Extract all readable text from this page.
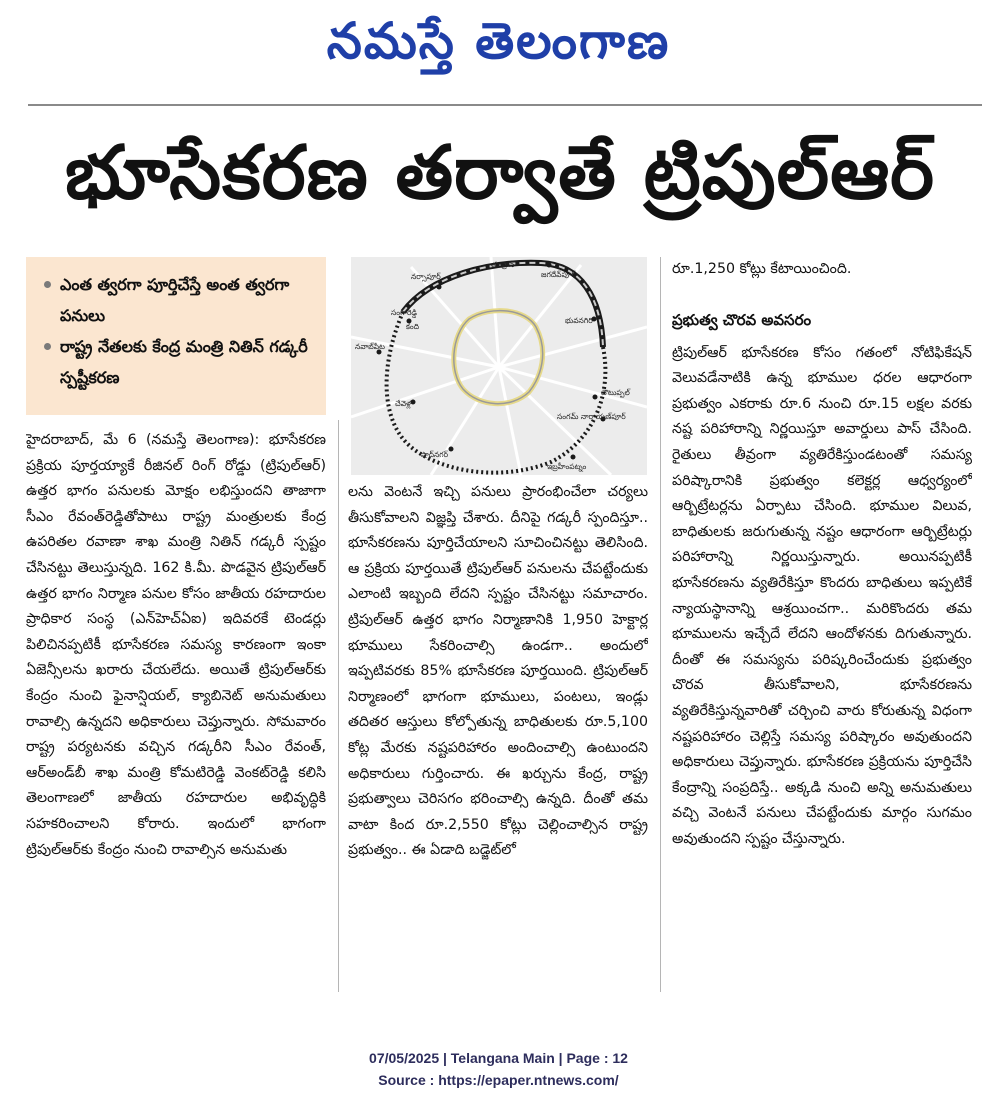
నమస్తే తెలంగాణ
భూసేకరణ తర్వాతే ట్రిపుల్‌ఆర్
ఎంత త్వరగా పూర్తిచేస్తే అంత త్వరగా పనులు
రాష్ట్ర నేతలకు కేంద్ర మంత్రి నితిన్ గడ్కరీ స్పష్టీకరణ
నర్సాపూర్
తూప్రాన్
జగదేవ్‌పూర్
సంగారెడ్డి
కంది
భువనగిరి
నవాబ్‌పేట
చేవెళ్ల
చౌటుప్పల్
సంగమ్ నారాయణ్‌పూర్
షాద్‌నగర్
ఇబ్రహీంపట్నం

హైదరాబాద్, మే 6 (నమస్తే తెలంగాణ): భూసేకరణ ప్రక్రియ పూర్తయ్యాకే రీజినల్ రింగ్ రోడ్డు (ట్రిపుల్‌ఆర్) ఉత్తర భాగం పనులకు మోక్షం లభిస్తుందని తాజాగా సీఎం రేవంత్‌రెడ్డితోపాటు రాష్ట్ర మంత్రులకు కేంద్ర ఉపరితల రవాణా శాఖ మంత్రి నితిన్ గడ్కరీ స్పష్టం చేసినట్టు తెలుస్తున్నది. 162 కి.మీ. పొడవైన ట్రిపుల్‌ఆర్ ఉత్తర భాగం నిర్మాణ పనుల కోసం జాతీయ రహదారుల ప్రాధికార సంస్థ (ఎన్‌హెచ్ఏఐ) ఇదివరకే టెండర్లు పిలిచినప్పటికీ భూసేకరణ సమస్య కారణంగా ఇంకా ఏజెన్సీలను ఖరారు చేయలేదు. అయితే ట్రిపుల్‌ఆర్‌కు కేంద్రం నుంచి ఫైనాన్షియల్, క్యాబినెట్ అనుమతులు రావాల్సి ఉన్నదని అధికారులు చెప్తున్నారు. సోమవారం రాష్ట్ర పర్యటనకు వచ్చిన గడ్కరీని సీఎం రేవంత్, ఆర్‌అండ్‌బీ శాఖ మంత్రి కోమటిరెడ్డి వెంకట్‌రెడ్డి కలిసి తెలంగాణలో జాతీయ రహదారుల అభివృద్ధికి సహకరించాలని కోరారు. ఇందులో భాగంగా ట్రిపుల్‌ఆర్‌కు కేంద్రం నుంచి రావాల్సిన అనుమతు

లను వెంటనే ఇచ్చి పనులు ప్రారంభించేలా చర్యలు తీసుకోవాలని విజ్ఞప్తి చేశారు. దీనిపై గడ్కరీ స్పందిస్తూ.. భూసేకరణను పూర్తిచేయాలని సూచించినట్టు తెలిసింది. ఆ ప్రక్రియ పూర్తయితే ట్రిపుల్‌ఆర్ పనులను చేపట్టేందుకు ఎలాంటి ఇబ్బంది లేదని స్పష్టం చేసినట్టు సమాచారం. ట్రిపుల్‌ఆర్ ఉత్తర భాగం నిర్మాణానికి 1,950 హెక్టార్ల భూములు సేకరించాల్సి ఉండగా.. అందులో ఇప్పటివరకు 85% భూసేకరణ పూర్తయింది. ట్రిపుల్‌ఆర్ నిర్మాణంలో భాగంగా భూములు, పంటలు, ఇండ్లు తదితర ఆస్తులు కోల్పోతున్న బాధితులకు రూ.5,100 కోట్ల మేరకు నష్టపరిహారం అందించాల్సి ఉంటుందని అధికారులు గుర్తించారు. ఈ ఖర్చును కేంద్ర, రాష్ట్ర ప్రభుత్వాలు చెరిసగం భరించాల్సి ఉన్నది. దీంతో తమ వాటా కింద రూ.2,550 కోట్లు చెల్లించాల్సిన రాష్ట్ర ప్రభుత్వం.. ఈ ఏడాది బడ్జెట్‌లో

రూ.1,250 కోట్లు కేటాయించింది.

ప్రభుత్వ చొరవ అవసరం

ట్రిపుల్‌ఆర్ భూసేకరణ కోసం గతంలో నోటిఫికేషన్ వెలువడేనాటికి ఉన్న భూముల ధరల ఆధారంగా ప్రభుత్వం ఎకరాకు రూ.6 నుంచి రూ.15 లక్షల వరకు నష్ట పరిహారాన్ని నిర్ణయిస్తూ అవార్డులు పాస్ చేసింది. రైతులు తీవ్రంగా వ్యతిరేకిస్తుండటంతో సమస్య పరిష్కారానికి ప్రభుత్వం కలెక్టర్ల ఆధ్వర్యంలో ఆర్బిట్రేటర్లను ఏర్పాటు చేసింది. భూముల విలువ, బాధితులకు జరుగుతున్న నష్టం ఆధారంగా ఆర్బిట్రేటర్లు పరిహారాన్ని నిర్ణయిస్తున్నారు. అయినప్పటికీ భూసేకరణను వ్యతిరేకిస్తూ కొందరు బాధితులు ఇప్పటికే న్యాయస్థానాన్ని ఆశ్రయించగా.. మరికొందరు తమ భూములను ఇచ్చేదే లేదని ఆందోళనకు దిగుతున్నారు. దీంతో ఈ సమస్యను పరిష్కరించేందుకు ప్రభుత్వం చొరవ తీసుకోవాలని, భూసేకరణను వ్యతిరేకిస్తున్నవారితో చర్చించి వారు కోరుతున్న విధంగా నష్టపరిహారం చెల్లిస్తే సమస్య పరిష్కారం అవుతుందని అధికారులు చెప్తున్నారు. భూసేకరణ ప్రక్రియను పూర్తిచేసి కేంద్రాన్ని సంప్రదిస్తే.. అక్కడి నుంచి అన్ని అనుమతులు వచ్చి వెంటనే పనులు చేపట్టేందుకు మార్గం సుగమం అవుతుందని స్పష్టం చేస్తున్నారు.

07/05/2025 | Telangana Main | Page : 12
Source : https://epaper.ntnews.com/
